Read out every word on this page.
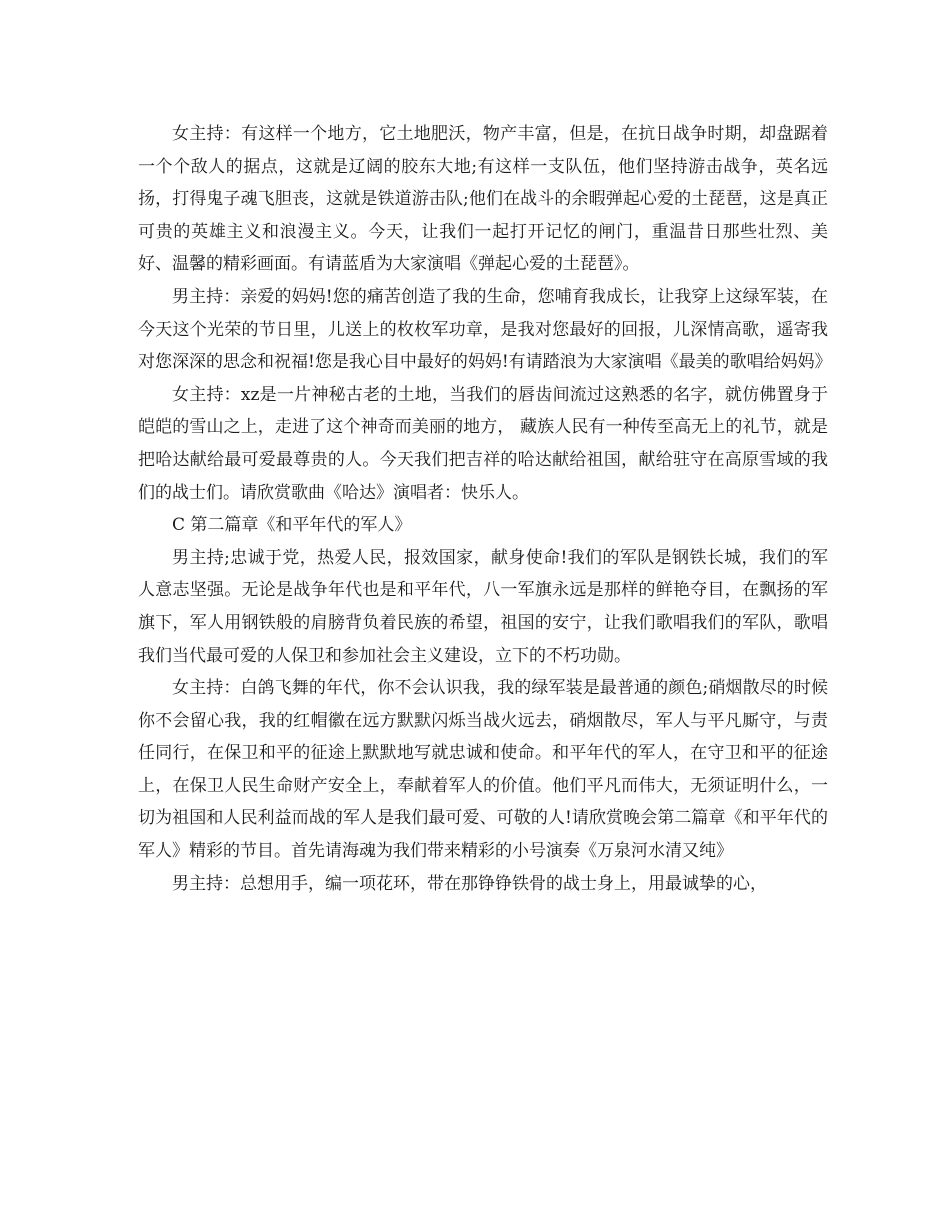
女主持：有这样一个地方，它土地肥沃，物产丰富，但是，在抗日战争时期，却盘踞着一个个敌人的据点，这就是辽阔的胶东大地;有这样一支队伍，他们坚持游击战争，英名远扬，打得鬼子魂飞胆丧，这就是铁道游击队;他们在战斗的余暇弹起心爱的土琵琶，这是真正可贵的英雄主义和浪漫主义。今天，让我们一起打开记忆的闸门，重温昔日那些壮烈、美好、温馨的精彩画面。有请蓝盾为大家演唱《弹起心爱的土琵琶》。

男主持：亲爱的妈妈!您的痛苦创造了我的生命，您哺育我成长，让我穿上这绿军装，在今天这个光荣的节日里，儿送上的枚枚军功章，是我对您最好的回报，儿深情高歌，遥寄我对您深深的思念和祝福!您是我心目中最好的妈妈!有请踏浪为大家演唱《最美的歌唱给妈妈》

女主持：xz是一片神秘古老的土地，当我们的唇齿间流过这熟悉的名字，就仿佛置身于皑皑的雪山之上，走进了这个神奇而美丽的地方， 藏族人民有一种传至高无上的礼节，就是把哈达献给最可爱最尊贵的人。今天我们把吉祥的哈达献给祖国，献给驻守在高原雪域的我们的战士们。请欣赏歌曲《哈达》演唱者：快乐人。

C 第二篇章《和平年代的军人》

男主持;忠诚于党，热爱人民，报效国家，献身使命!我们的军队是钢铁长城，我们的军人意志坚强。无论是战争年代也是和平年代，八一军旗永远是那样的鲜艳夺目，在飘扬的军旗下，军人用钢铁般的肩膀背负着民族的希望，祖国的安宁，让我们歌唱我们的军队，歌唱我们当代最可爱的人保卫和参加社会主义建设，立下的不朽功勋。

女主持：白鸽飞舞的年代，你不会认识我，我的绿军装是最普通的颜色;硝烟散尽的时候你不会留心我，我的红帽徽在远方默默闪烁当战火远去，硝烟散尽，军人与平凡厮守，与责任同行，在保卫和平的征途上默默地写就忠诚和使命。和平年代的军人，在守卫和平的征途上，在保卫人民生命财产安全上，奉献着军人的价值。他们平凡而伟大，无须证明什么，一切为祖国和人民利益而战的军人是我们最可爱、可敬的人!请欣赏晚会第二篇章《和平年代的军人》精彩的节目。首先请海魂为我们带来精彩的小号演奏《万泉河水清又纯》

男主持：总想用手，编一项花环，带在那铮铮铁骨的战士身上，用最诚挚的心，
